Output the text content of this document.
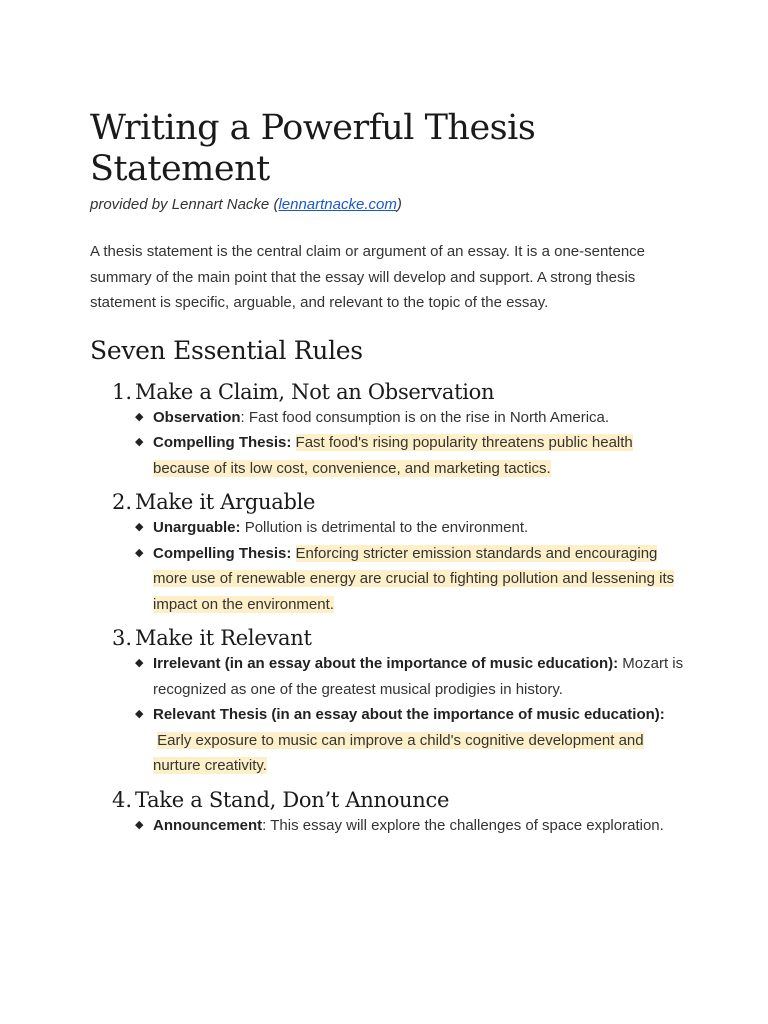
Writing a Powerful Thesis Statement
provided by Lennart Nacke (lennartnacke.com)

A thesis statement is the central claim or argument of an essay. It is a one-sentence summary of the main point that the essay will develop and support. A strong thesis statement is specific, arguable, and relevant to the topic of the essay.

Seven Essential Rules
1. Make a Claim, Not an Observation
◆ Observation: Fast food consumption is on the rise in North America.
◆ Compelling Thesis: Fast food's rising popularity threatens public health because of its low cost, convenience, and marketing tactics.
2. Make it Arguable
◆ Unarguable: Pollution is detrimental to the environment.
◆ Compelling Thesis: Enforcing stricter emission standards and encouraging more use of renewable energy are crucial to fighting pollution and lessening its impact on the environment.
3. Make it Relevant
◆ Irrelevant (in an essay about the importance of music education): Mozart is recognized as one of the greatest musical prodigies in history.
◆ Relevant Thesis (in an essay about the importance of music education): Early exposure to music can improve a child's cognitive development and nurture creativity.
4. Take a Stand, Don’t Announce
◆ Announcement: This essay will explore the challenges of space exploration.
